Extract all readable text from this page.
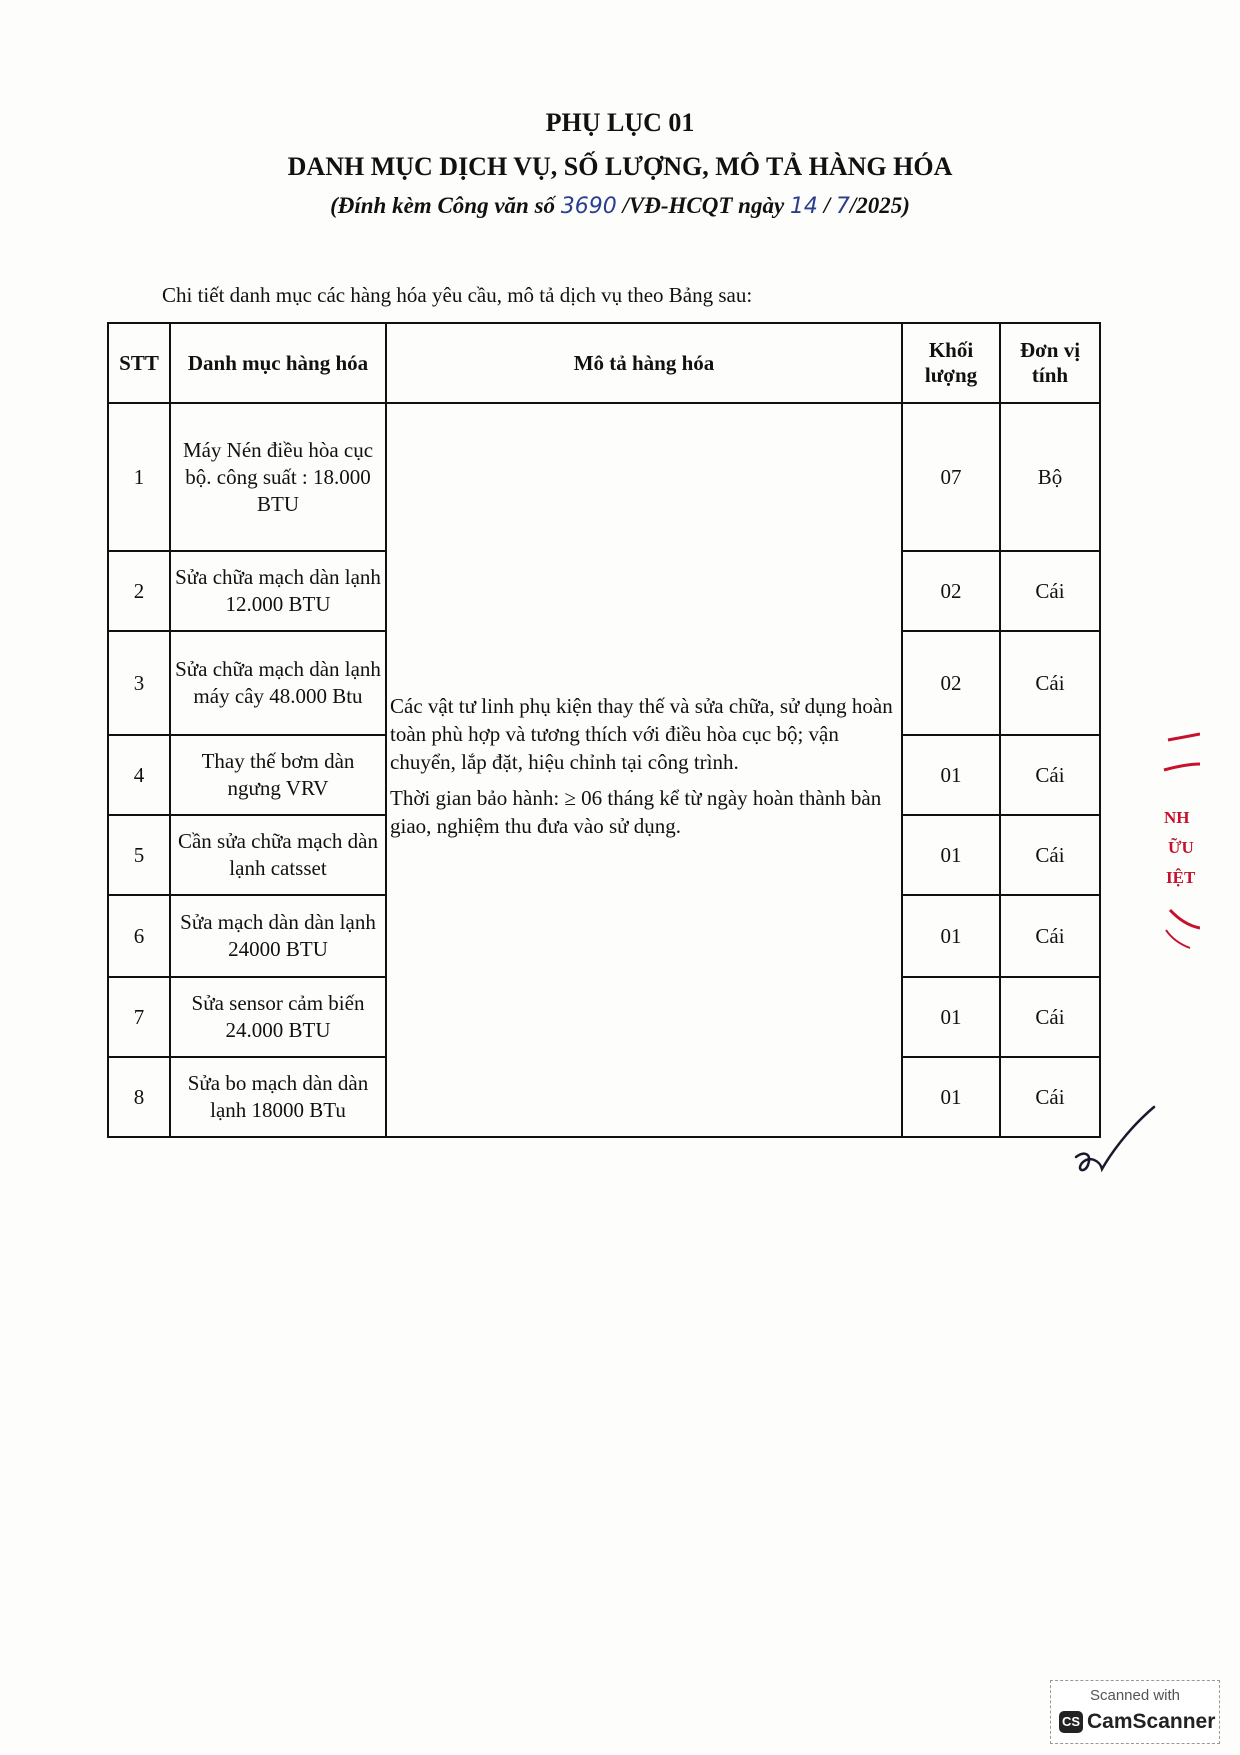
PHỤ LỤC 01
DANH MỤC DỊCH VỤ, SỐ LƯỢNG, MÔ TẢ HÀNG HÓA
(Đính kèm Công văn số 3690 /VĐ-HCQT ngày 14 / 7/2025)
Chi tiết danh mục các hàng hóa yêu cầu, mô tả dịch vụ theo Bảng sau:
STT	Danh mục hàng hóa	Mô tả hàng hóa	Khối lượng	Đơn vị tính
1	Máy Nén điều hòa cục bộ. công suất : 18.000 BTU	Các vật tư linh phụ kiện thay thế và sửa chữa, sử dụng hoàn toàn phù hợp và tương thích với điều hòa cục bộ; vận chuyển, lắp đặt, hiệu chỉnh tại công trình.

Thời gian bảo hành: ≥ 06 tháng kể từ ngày hoàn thành bàn giao, nghiệm thu đưa vào sử dụng.	07	Bộ
2	Sửa chữa mạch dàn lạnh 12.000 BTU		02	Cái
3	Sửa chữa mạch dàn lạnh máy cây 48.000 Btu		02	Cái
4	Thay thế bơm dàn ngưng VRV		01	Cái
5	Cần sửa chữa mạch dàn lạnh catsset		01	Cái
6	Sửa mạch dàn dàn lạnh 24000 BTU		01	Cái
7	Sửa sensor cảm biến 24.000 BTU		01	Cái
8	Sửa bo mạch dàn dàn lạnh 18000 BTu		01	Cái
NH
ỮU
IỆT
Scanned with
CS CamScanner
